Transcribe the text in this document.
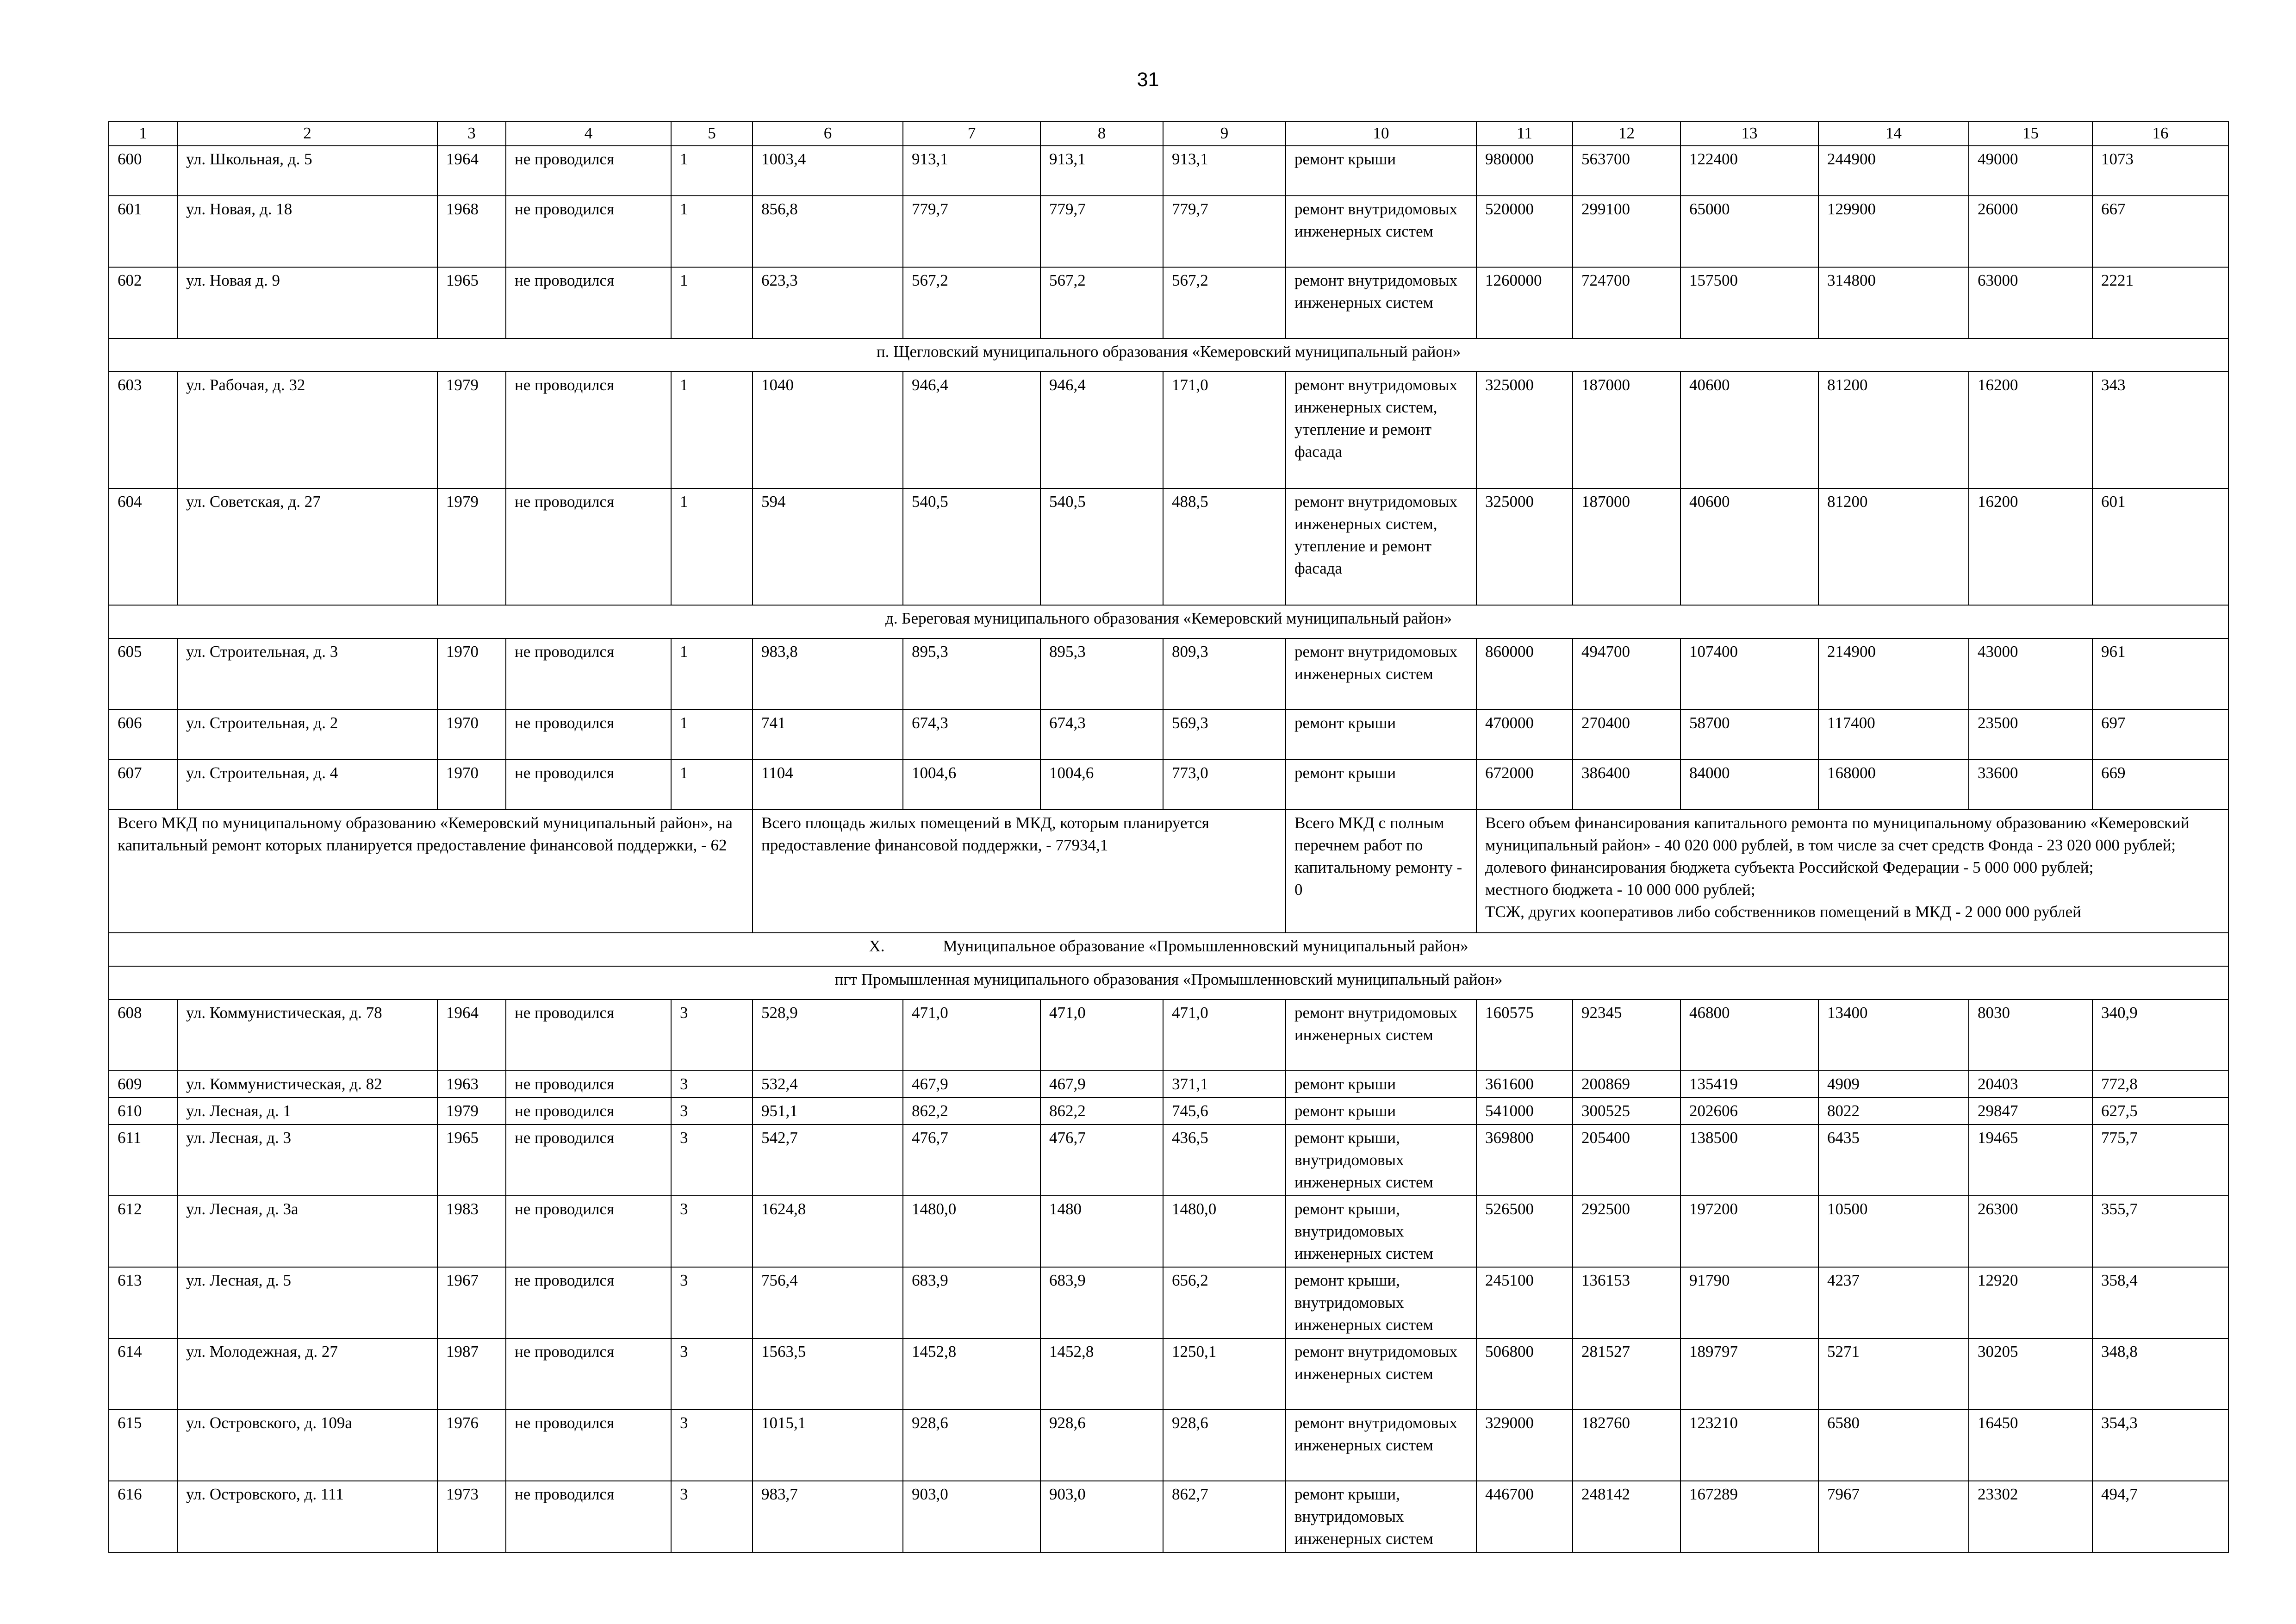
31
1	2	3	4	5	6	7	8	9	10	11	12	13	14	15	16
600	ул. Школьная, д. 5	1964	не проводился	1	1003,4	913,1	913,1	913,1	ремонт крыши	980000	563700	122400	244900	49000	1073
601	ул. Новая, д. 18	1968	не проводился	1	856,8	779,7	779,7	779,7	ремонт внутридомовых инженерных систем	520000	299100	65000	129900	26000	667
602	ул. Новая д. 9	1965	не проводился	1	623,3	567,2	567,2	567,2	ремонт внутридомовых инженерных систем	1260000	724700	157500	314800	63000	2221
п. Щегловский муниципального образования «Кемеровский муниципальный район»															
603	ул. Рабочая, д. 32	1979	не проводился	1	1040	946,4	946,4	171,0	ремонт внутридомовых инженерных систем, утепление и ремонт фасада	325000	187000	40600	81200	16200	343
604	ул. Советская, д. 27	1979	не проводился	1	594	540,5	540,5	488,5	ремонт внутридомовых инженерных систем, утепление и ремонт фасада	325000	187000	40600	81200	16200	601
д. Береговая муниципального образования «Кемеровский муниципальный район»															
605	ул. Строительная, д. 3	1970	не проводился	1	983,8	895,3	895,3	809,3	ремонт внутридомовых инженерных систем	860000	494700	107400	214900	43000	961
606	ул. Строительная, д. 2	1970	не проводился	1	741	674,3	674,3	569,3	ремонт крыши	470000	270400	58700	117400	23500	697
607	ул. Строительная, д. 4	1970	не проводился	1	1104	1004,6	1004,6	773,0	ремонт крыши	672000	386400	84000	168000	33600	669
Всего МКД по муниципальному образованию «Кемеровский муниципальный район», на капитальный ремонт которых планируется предоставление финансовой поддержки, - 62					Всего площадь жилых помещений в МКД, которым планируется предоставление финансовой поддержки, - 77934,1				Всего МКД с полным перечнем работ по капитальному ремонту - 0	Всего объем финансирования капитального ремонта по муниципальному образованию «Кемеровский муниципальный район» - 40 020 000 рублей, в том числе за счет средств Фонда - 23 020 000 рублей;
долевого финансирования бюджета субъекта Российской Федерации - 5 000 000 рублей;
местного бюджета - 10 000 000 рублей;
ТСЖ, других кооперативов либо собственников помещений в МКД - 2 000 000 рублей					

X. Муниципальное образование «Промышленновский муниципальный район»															
пгт Промышленная муниципального образования «Промышленновский муниципальный район»															
608	ул. Коммунистическая, д. 78	1964	не проводился	3	528,9	471,0	471,0	471,0	ремонт внутридомовых инженерных систем	160575	92345	46800	13400	8030	340,9
609	ул. Коммунистическая, д. 82	1963	не проводился	3	532,4	467,9	467,9	371,1	ремонт крыши	361600	200869	135419	4909	20403	772,8
610	ул. Лесная, д. 1	1979	не проводился	3	951,1	862,2	862,2	745,6	ремонт крыши	541000	300525	202606	8022	29847	627,5
611	ул. Лесная, д. 3	1965	не проводился	3	542,7	476,7	476,7	436,5	ремонт крыши, внутридомовых инженерных систем	369800	205400	138500	6435	19465	775,7
612	ул. Лесная, д. 3а	1983	не проводился	3	1624,8	1480,0	1480	1480,0	ремонт крыши, внутридомовых инженерных систем	526500	292500	197200	10500	26300	355,7
613	ул. Лесная, д. 5	1967	не проводился	3	756,4	683,9	683,9	656,2	ремонт крыши, внутридомовых инженерных систем	245100	136153	91790	4237	12920	358,4
614	ул. Молодежная, д. 27	1987	не проводился	3	1563,5	1452,8	1452,8	1250,1	ремонт внутридомовых инженерных систем	506800	281527	189797	5271	30205	348,8
615	ул. Островского, д. 109а	1976	не проводился	3	1015,1	928,6	928,6	928,6	ремонт внутридомовых инженерных систем	329000	182760	123210	6580	16450	354,3
616	ул. Островского, д. 111	1973	не проводился	3	983,7	903,0	903,0	862,7	ремонт крыши, внутридомовых инженерных систем	446700	248142	167289	7967	23302	494,7
